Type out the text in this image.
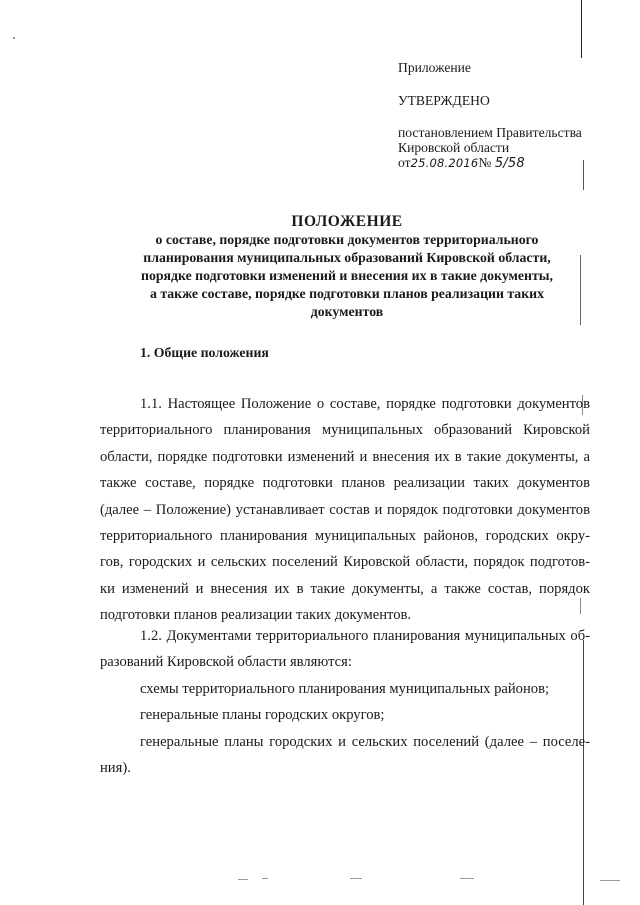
Приложение
УТВЕРЖДЕНО
постановлением Правительства
Кировской области
от25.08.2016№ 5/58
ПОЛОЖЕНИЕ
о составе, порядке подготовки документов территориального
планирования муниципальных образований Кировской области,
порядке подготовки изменений и внесения их в такие документы,
а также составе, порядке подготовки планов реализации таких
документов
1. Общие положения
1.1. Настоящее Положение о составе, порядке подготовки документов
территориального планирования муниципальных образований Кировской
области, порядке подготовки изменений и внесения их в такие документы, а
также составе, порядке подготовки планов реализации таких документов
(далее – Положение) устанавливает состав и порядок подготовки документов
территориального планирования муниципальных районов, городских окру-
гов, городских и сельских поселений Кировской области, порядок подготов-
ки изменений и внесения их в такие документы, а также состав, порядок
подготовки планов реализации таких документов.
1.2. Документами территориального планирования муниципальных об-
разований Кировской области являются:
схемы территориального планирования муниципальных районов;
генеральные планы городских округов;
генеральные планы городских и сельских поселений (далее – поселе-
ния).
